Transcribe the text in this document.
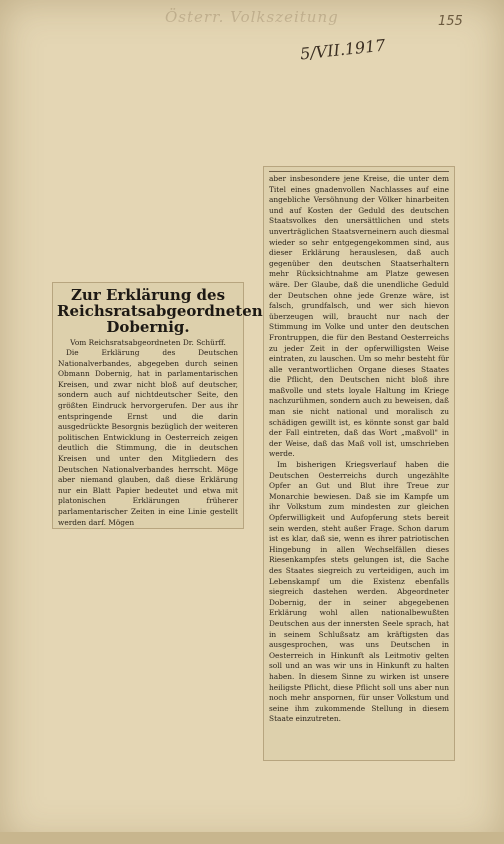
Österr. Volkszeitung	155
5/VII.1917
Zur Erklärung des Reichsratsabgeordneten Dobernig.
Vom Reichsratsabgeordneten Dr. Schürff.

Die Erklärung des Deutschen Nationalverbandes, abgegeben durch seinen Obmann Dobernig, hat in parlamentarischen Kreisen, und zwar nicht bloß auf deutscher, sondern auch auf nichtdeutscher Seite, den größten Eindruck hervorgerufen. Der aus ihr entspringende Ernst und die darin ausgedrückte Besorgnis bezüglich der weiteren politischen Entwicklung in Oesterreich zeigen deutlich die Stimmung, die in deutschen Kreisen und unter den Mitgliedern des Deutschen Nationalverbandes herrscht. Möge aber niemand glauben, daß diese Erklärung nur ein Blatt Papier bedeutet und etwa mit platonischen Erklärungen früherer parlamentarischer Zeiten in eine Linie gestellt werden darf. Mögen

aber insbesondere jene Kreise, die unter dem Titel eines gnadenvollen Nachlasses auf eine angebliche Versöhnung der Völker hinarbeiten und auf Kosten der Geduld des deutschen Staatsvolkes den unersättlichen und stets unverträglichen Staatsverneinern auch diesmal wieder so sehr entgegengekommen sind, aus dieser Erklärung herauslesen, daß auch gegenüber den deutschen Staatserhaltern mehr Rücksichtnahme am Platze gewesen wäre. Der Glaube, daß die unendliche Geduld der Deutschen ohne jede Grenze wäre, ist falsch, grundfalsch, und wer sich hievon überzeugen will, braucht nur nach der Stimmung im Volke und unter den deutschen Frontruppen, die für den Bestand Oesterreichs zu jeder Zeit in der opferwilligsten Weise eintraten, zu lauschen. Um so mehr besteht für alle verantwortlichen Organe dieses Staates die Pflicht, den Deutschen nicht bloß ihre maßvolle und stets loyale Haltung im Kriege nachzurühmen, sondern auch zu beweisen, daß man sie nicht national und moralisch zu schädigen gewillt ist, es könnte sonst gar bald der Fall eintreten, daß das Wort „maßvoll" in der Weise, daß das Maß voll ist, umschrieben werde.

Im bisherigen Kriegsverlauf haben die Deutschen Oesterreichs durch ungezählte Opfer an Gut und Blut ihre Treue zur Monarchie bewiesen. Daß sie im Kampfe um ihr Volkstum zum mindesten zur gleichen Opferwilligkeit und Aufopferung stets bereit sein werden, steht außer Frage. Schon darum ist es klar, daß sie, wenn es ihrer patriotischen Hingebung in allen Wechselfällen dieses Riesenkampfes stets gelungen ist, die Sache des Staates siegreich zu verteidigen, auch im Lebenskampf um die Existenz ebenfalls siegreich dastehen werden. Abgeordneter Dobernig, der in seiner abgegebenen Erklärung wohl allen nationalbewußten Deutschen aus der innersten Seele sprach, hat in seinem Schlußsatz am kräftigsten das ausgesprochen, was uns Deutschen in Oesterreich in Hinkunft als Leitmotiv gelten soll und an was wir uns in Hinkunft zu halten haben. In diesem Sinne zu wirken ist unsere heiligste Pflicht, diese Pflicht soll uns aber nun noch mehr anspornen, für unser Volkstum und seine ihm zukommende Stellung in diesem Staate einzutreten.
